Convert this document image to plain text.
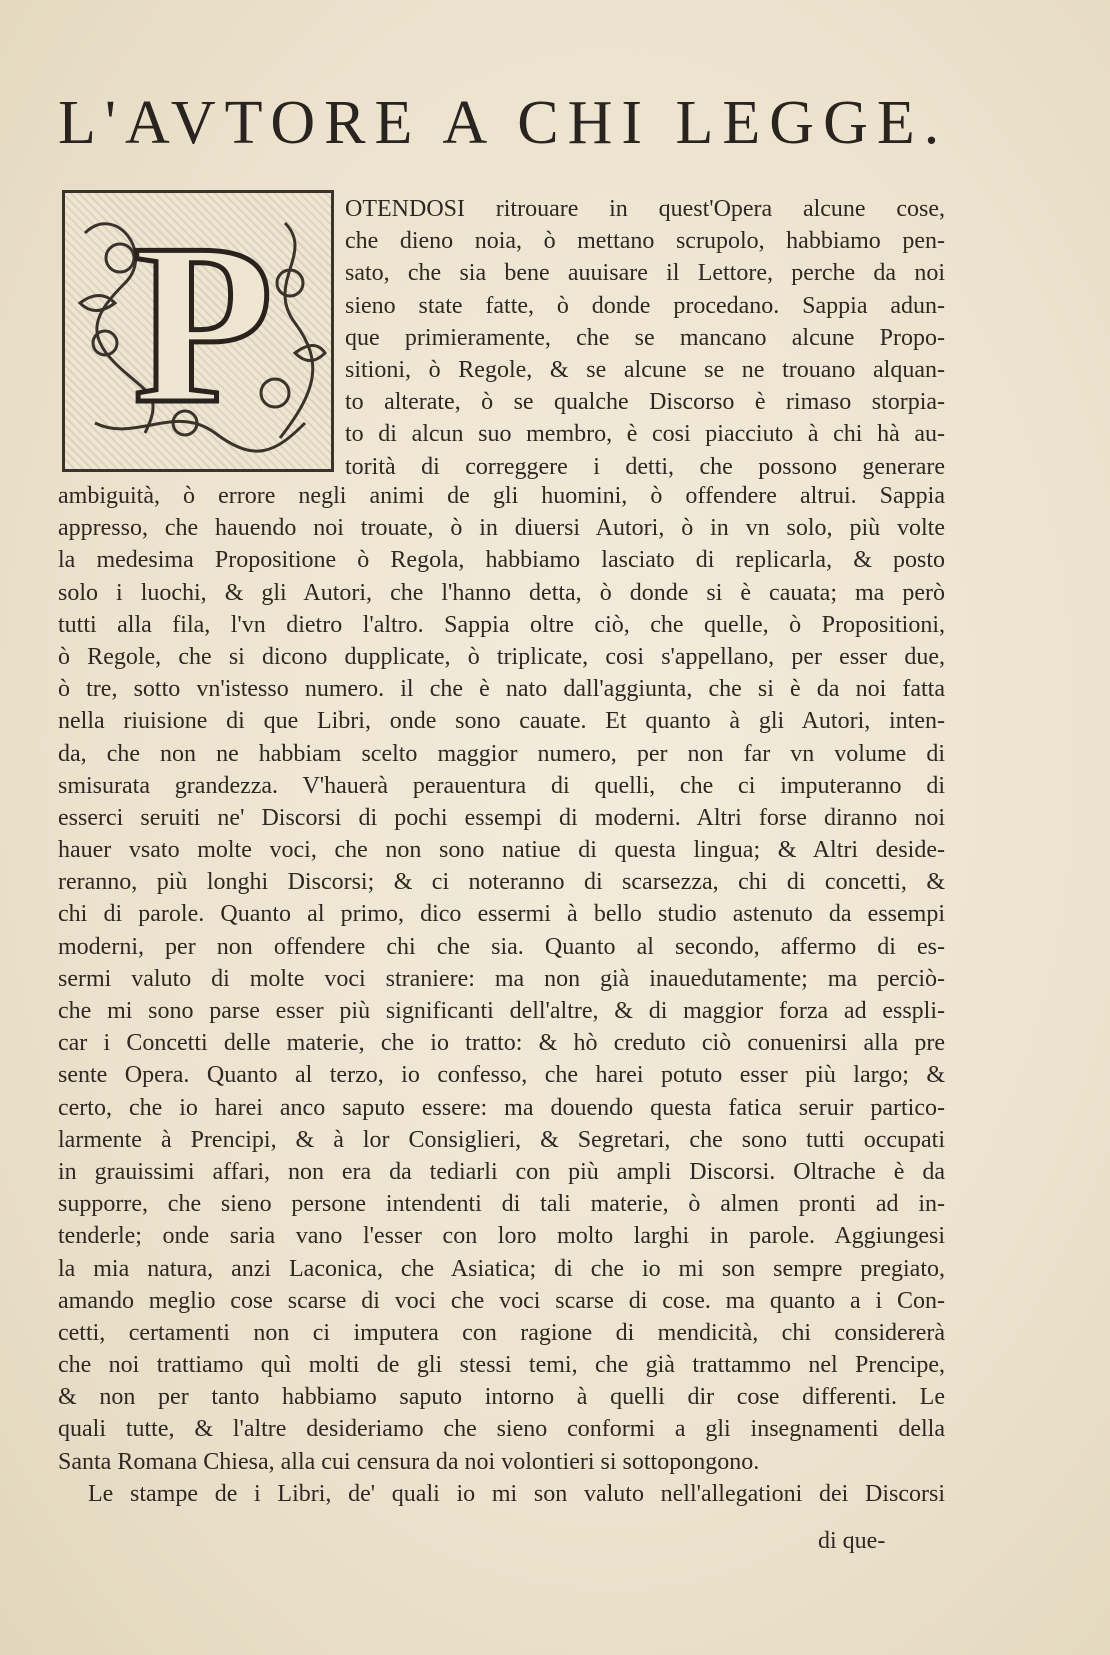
L'AVTORE A CHI LEGGE.
P	OTENDOSI ritrouare in quest'Opera alcune cose,
che dieno noia, ò mettano scrupolo, habbiamo pen-
sato, che sia bene auuisare il Lettore, perche da noi
sieno state fatte, ò donde procedano. Sappia adun-
que primieramente, che se mancano alcune Propo-
sitioni, ò Regole, & se alcune se ne trouano alquan-
to alterate, ò se qualche Discorso è rimaso storpia-
to di alcun suo membro, è cosi piacciuto à chi hà au-
torità di correggere i detti, che possono generare
ambiguità, ò errore negli animi de gli huomini, ò offendere altrui. Sappia
appresso, che hauendo noi trouate, ò in diuersi Autori, ò in vn solo, più volte
la medesima Propositione ò Regola, habbiamo lasciato di replicarla, & posto
solo i luochi, & gli Autori, che l'hanno detta, ò donde si è cauata; ma però
tutti alla fila, l'vn dietro l'altro. Sappia oltre ciò, che quelle, ò Propositioni,
ò Regole, che si dicono dupplicate, ò triplicate, cosi s'appellano, per esser due,
ò tre, sotto vn'istesso numero. il che è nato dall'aggiunta, che si è da noi fatta
nella riuisione di que Libri, onde sono cauate. Et quanto à gli Autori, inten-
da, che non ne habbiam scelto maggior numero, per non far vn volume di
smisurata grandezza. V'hauerà perauentura di quelli, che ci imputeranno di
esserci seruiti ne' Discorsi di pochi essempi di moderni. Altri forse diranno noi
hauer vsato molte voci, che non sono natiue di questa lingua; & Altri deside-
reranno, più longhi Discorsi; & ci noteranno di scarsezza, chi di concetti, &
chi di parole. Quanto al primo, dico essermi à bello studio astenuto da essempi
moderni, per non offendere chi che sia. Quanto al secondo, affermo di es-
sermi valuto di molte voci straniere: ma non già inauedutamente; ma perciò-
che mi sono parse esser più significanti dell'altre, & di maggior forza ad esspli-
car i Concetti delle materie, che io tratto: & hò creduto ciò conuenirsi alla pre
sente Opera. Quanto al terzo, io confesso, che harei potuto esser più largo; &
certo, che io harei anco saputo essere: ma douendo questa fatica seruir partico-
larmente à Prencipi, & à lor Consiglieri, & Segretari, che sono tutti occupati
in grauissimi affari, non era da tediarli con più ampli Discorsi. Oltrache è da
supporre, che sieno persone intendenti di tali materie, ò almen pronti ad in-
tenderle; onde saria vano l'esser con loro molto larghi in parole. Aggiungesi
la mia natura, anzi Laconica, che Asiatica; di che io mi son sempre pregiato,
amando meglio cose scarse di voci che voci scarse di cose. ma quanto a i Con-
cetti, certamenti non ci imputera con ragione di mendicità, chi considererà
che noi trattiamo quì molti de gli stessi temi, che già trattammo nel Prencipe,
& non per tanto habbiamo saputo intorno à quelli dir cose differenti. Le
quali tutte, & l'altre desideriamo che sieno conformi a gli insegnamenti della
Santa Romana Chiesa, alla cui censura da noi volontieri si sottopongono.
Le stampe de i Libri, de' quali io mi son valuto nell'allegationi dei Discorsi
di que-
